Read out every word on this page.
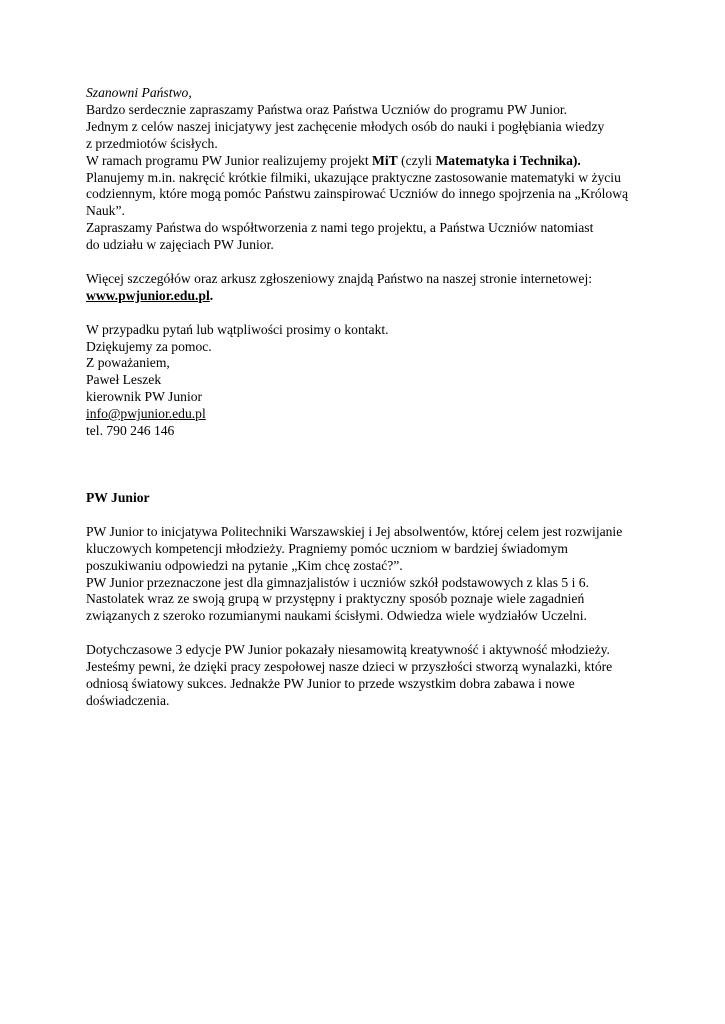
Szanowni Państwo,
Bardzo serdecznie zapraszamy Państwa oraz Państwa Uczniów do programu PW Junior.
Jednym z celów naszej inicjatywy jest zachęcenie młodych osób do nauki i pogłębiania wiedzy
z przedmiotów ścisłych.
W ramach programu PW Junior realizujemy projekt MiT (czyli Matematyka i Technika).
Planujemy m.in. nakręcić krótkie filmiki, ukazujące praktyczne zastosowanie matematyki w życiu
codziennym, które mogą pomóc Państwu zainspirować Uczniów do innego spojrzenia na „Królową
Nauk”.
Zapraszamy Państwa do współtworzenia z nami tego projektu, a Państwa Uczniów natomiast
do udziału w zajęciach PW Junior.
Więcej szczegółów oraz arkusz zgłoszeniowy znajdą Państwo na naszej stronie internetowej:
www.pwjunior.edu.pl.
W przypadku pytań lub wątpliwości prosimy o kontakt.
Dziękujemy za pomoc.
Z poważaniem,
Paweł Leszek
kierownik PW Junior
info@pwjunior.edu.pl
tel. 790 246 146
PW Junior
PW Junior to inicjatywa Politechniki Warszawskiej i Jej absolwentów, której celem jest rozwijanie
kluczowych kompetencji młodzieży. Pragniemy pomóc uczniom w bardziej świadomym
poszukiwaniu odpowiedzi na pytanie „Kim chcę zostać?”.
PW Junior przeznaczone jest dla gimnazjalistów i uczniów szkół podstawowych z klas 5 i 6.
Nastolatek wraz ze swoją grupą w przystępny i praktyczny sposób poznaje wiele zagadnień
związanych z szeroko rozumianymi naukami ścisłymi. Odwiedza wiele wydziałów Uczelni.
Dotychczasowe 3 edycje PW Junior pokazały niesamowitą kreatywność i aktywność młodzieży.
Jesteśmy pewni, że dzięki pracy zespołowej nasze dzieci w przyszłości stworzą wynalazki, które
odniosą światowy sukces. Jednakże PW Junior to przede wszystkim dobra zabawa i nowe
doświadczenia.
